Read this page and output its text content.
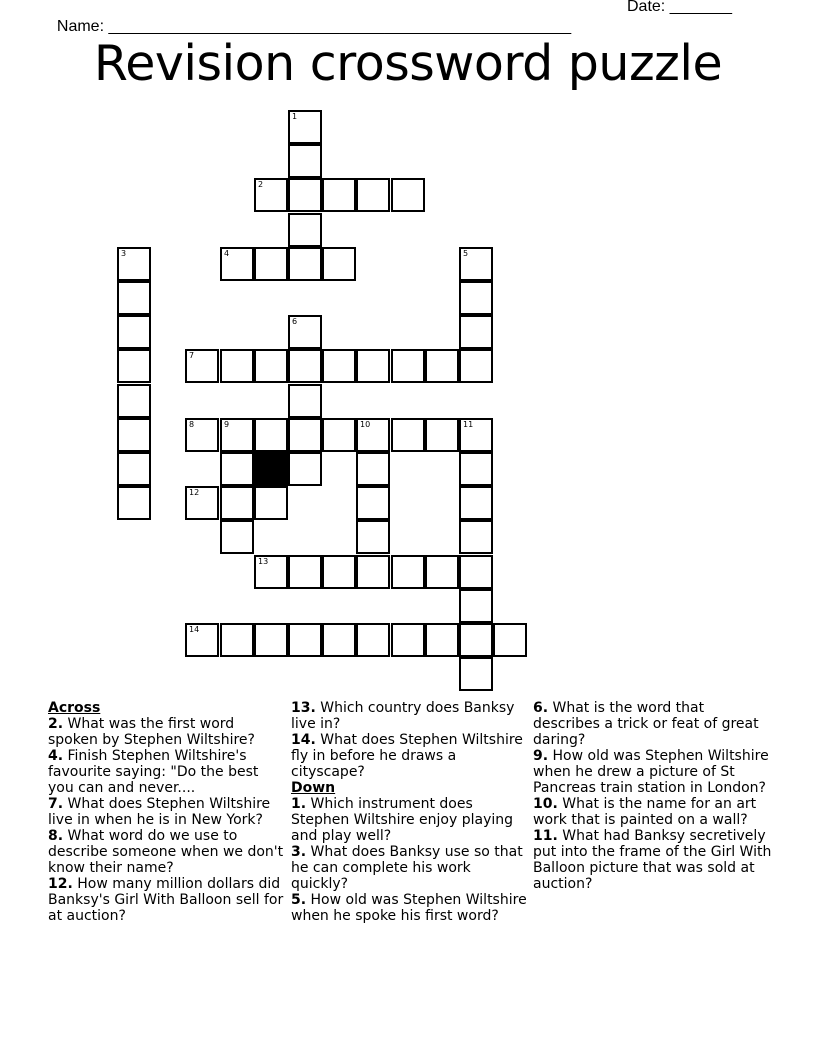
Name: ____________________________________________________

Date: _______

Revision crossword puzzle
1
2
3	4	5
6
7
8	9	10	11
12
13
14
Across
2. What was the first word spoken by Stephen Wiltshire?
4. Finish Stephen Wiltshire's favourite saying: "Do the best you can and never....
7. What does Stephen Wiltshire live in when he is in New York?
8. What word do we use to describe someone when we don't know their name?
12. How many million dollars did Banksy's Girl With Balloon sell for at auction?
13. Which country does Banksy live in?
14. What does Stephen Wiltshire fly in before he draws a cityscape?
Down
1. Which instrument does Stephen Wiltshire enjoy playing and play well?
3. What does Banksy use so that he can complete his work quickly?
5. How old was Stephen Wiltshire when he spoke his first word?
6. What is the word that describes a trick or feat of great daring?
9. How old was Stephen Wiltshire when he drew a picture of St Pancreas train station in London?
10. What is the name for an art work that is painted on a wall?
11. What had Banksy secretively put into the frame of the Girl With Balloon picture that was sold at auction?
